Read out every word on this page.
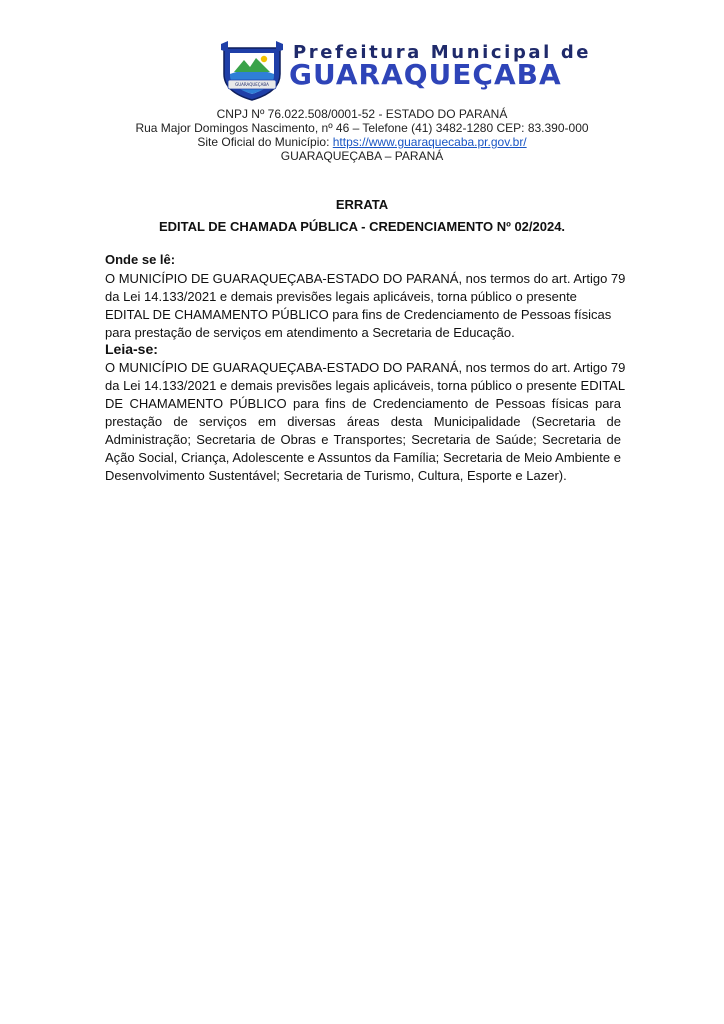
GUARAQUEÇABA
Prefeitura Municipal de
GUARAQUEÇABA
CNPJ Nº 76.022.508/0001-52 - ESTADO DO PARANÁ
Rua Major Domingos Nascimento, nº 46 – Telefone (41) 3482-1280 CEP: 83.390-000
Site Oficial do Município: https://www.guaraquecaba.pr.gov.br/
GUARAQUEÇABA – PARANÁ
ERRATA
EDITAL DE CHAMADA PÚBLICA - CREDENCIAMENTO Nº 02/2024.
Onde se lê:
O MUNICÍPIO DE GUARAQUEÇABA-ESTADO DO PARANÁ, nos termos do art. Artigo 79
da Lei 14.133/2021 e demais previsões legais aplicáveis, torna público o presente
EDITAL DE CHAMAMENTO PÚBLICO para fins de Credenciamento de Pessoas físicas
para prestação de serviços em atendimento a Secretaria de Educação.
Leia-se:
O MUNICÍPIO DE GUARAQUEÇABA-ESTADO DO PARANÁ, nos termos do art. Artigo 79
da Lei 14.133/2021 e demais previsões legais aplicáveis, torna público o presente EDITAL
DE CHAMAMENTO PÚBLICO para fins de Credenciamento de Pessoas físicas para
prestação de serviços em diversas áreas desta Municipalidade (Secretaria de
Administração; Secretaria de Obras e Transportes; Secretaria de Saúde; Secretaria de
Ação Social, Criança, Adolescente e Assuntos da Família; Secretaria de Meio Ambiente e
Desenvolvimento Sustentável; Secretaria de Turismo, Cultura, Esporte e Lazer).
